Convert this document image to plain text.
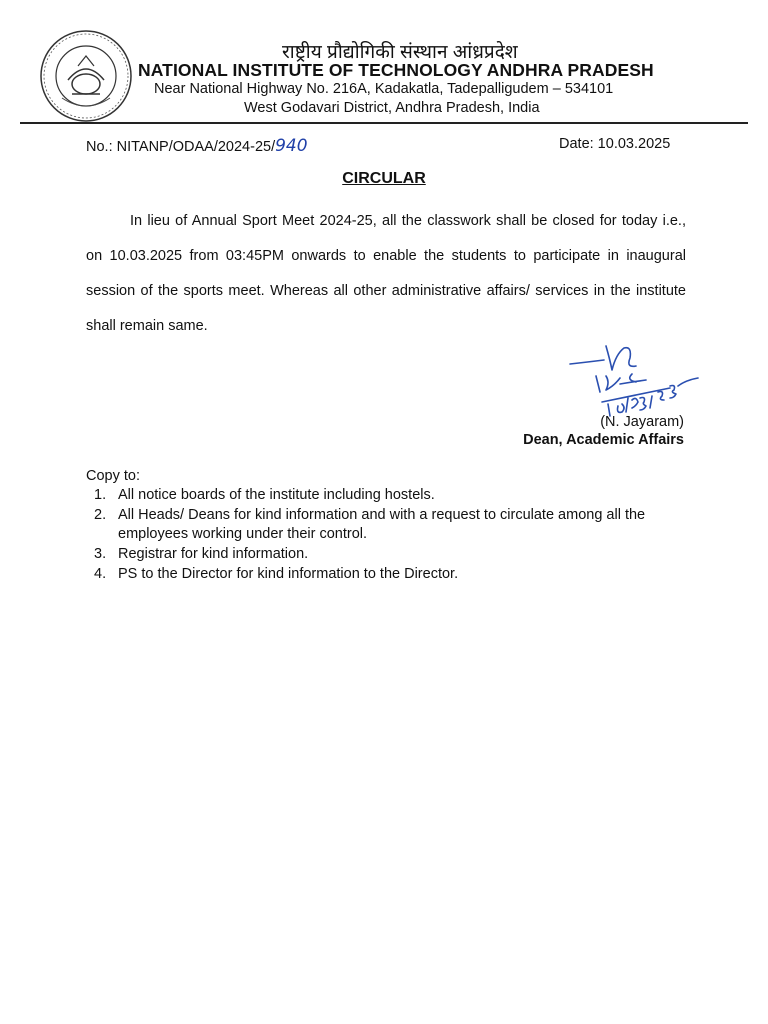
राष्ट्रीय प्रौद्योगिकी संस्थान आंध्रप्रदेश
NATIONAL INSTITUTE OF TECHNOLOGY ANDHRA PRADESH
Near National Highway No. 216A, Kadakatla, Tadepalligudem – 534101
West Godavari District, Andhra Pradesh, India
No.: NITANP/ODAA/2024-25/940	Date: 10.03.2025
CIRCULAR

In lieu of Annual Sport Meet 2024-25, all the classwork shall be closed for today i.e., on 10.03.2025 from 03:45PM onwards to enable the students to participate in inaugural session of the sports meet. Whereas all other administrative affairs/ services in the institute shall remain same.

(N. Jayaram)
Dean, Academic Affairs
Copy to:
1. All notice boards of the institute including hostels.
2. All Heads/ Deans for kind information and with a request to circulate among all the employees working under their control.
3. Registrar for kind information.
4. PS to the Director for kind information to the Director.
